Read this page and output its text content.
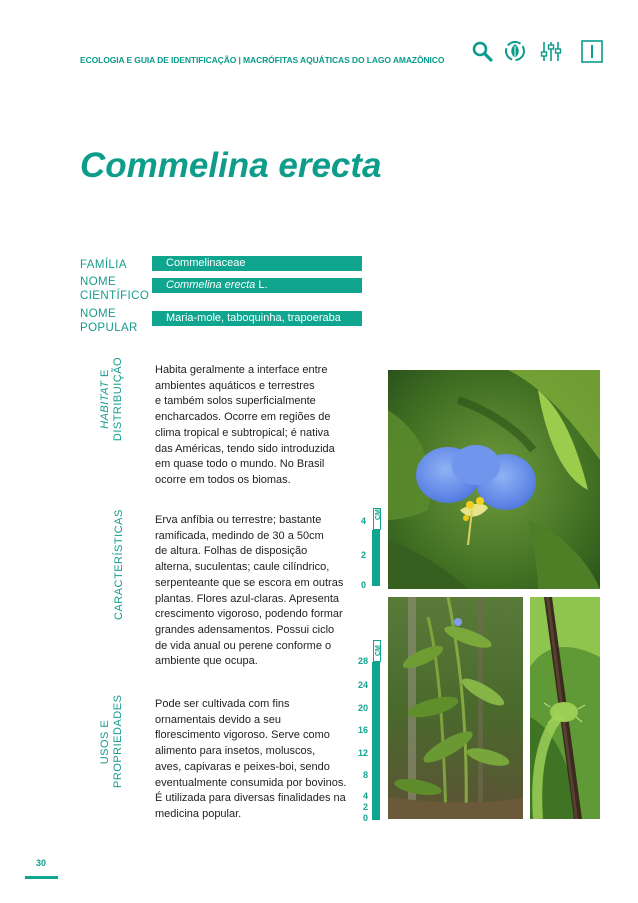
ECOLOGIA E GUIA DE IDENTIFICAÇÃO | MACRÓFITAS AQUÁTICAS DO LAGO AMAZÔNICO
Commelina erecta
FAMÍLIA	Commelinaceae
NOME
CIENTÍFICO
Commelina erecta L.
NOME
POPULAR
Maria-mole, taboquinha, trapoeraba
HABITAT E DISTRIBUIÇÃO
CARACTERÍSTICAS
USOS E PROPRIEDADES
Habita geralmente a interface entre
ambientes aquáticos e terrestres
e também solos superficialmente
encharcados. Ocorre em regiões de
clima tropical e subtropical; é nativa
das Américas, tendo sido introduzida
em quase todo o mundo. No Brasil
ocorre em todos os biomas.
Erva anfíbia ou terrestre; bastante
ramificada, medindo de 30 a 50cm
de altura. Folhas de disposição
alterna, suculentas; caule cilíndrico,
serpenteante que se escora em outras
plantas. Flores azul-claras. Apresenta
crescimento vigoroso, podendo formar
grandes adensamentos. Possui ciclo
de vida anual ou perene conforme o
ambiente que ocupa.
Pode ser cultivada com fins
ornamentais devido a seu
florescimento vigoroso. Serve como
alimento para insetos, moluscos,
aves, capivaras e peixes-boi, sendo
eventualmente consumida por bovinos.
É utilizada para diversas finalidades na
medicina popular.
CM
4
2
0
CM
28
24
20
16
12
8
4
2
0
30
